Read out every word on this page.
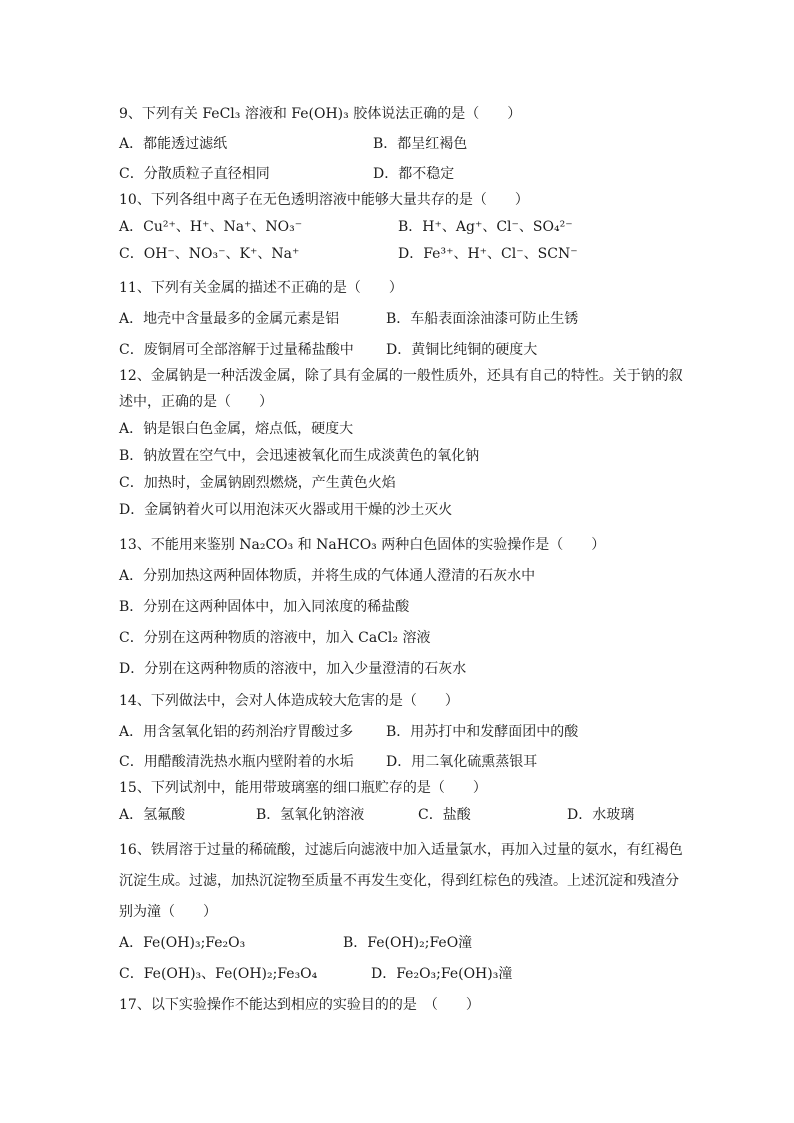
9、下列有关 FeCl₃ 溶液和 Fe(OH)₃ 胶体说法正确的是（　　）
A．都能透过滤纸	B．都呈红褐色
C．分散质粒子直径相同	D．都不稳定
10、下列各组中离子在无色透明溶液中能够大量共存的是（　　）
A．Cu²⁺、H⁺、Na⁺、NO₃⁻	B．H⁺、Ag⁺、Cl⁻、SO₄²⁻
C．OH⁻、NO₃⁻、K⁺、Na⁺	D．Fe³⁺、H⁺、Cl⁻、SCN⁻
11、下列有关金属的描述不正确的是（　　）
A．地壳中含量最多的金属元素是铝	B．车船表面涂油漆可防止生锈
C．废铜屑可全部溶解于过量稀盐酸中 D．黄铜比纯铜的硬度大
12、金属钠是一种活泼金属，除了具有金属的一般性质外，还具有自己的特性。关于钠的叙
述中，正确的是（　　）
A．钠是银白色金属，熔点低，硬度大
B．钠放置在空气中，会迅速被氧化而生成淡黄色的氧化钠
C．加热时，金属钠剧烈燃烧，产生黄色火焰
D．金属钠着火可以用泡沫灭火器或用干燥的沙土灭火
13、不能用来鉴别 Na₂CO₃ 和 NaHCO₃ 两种白色固体的实验操作是（　　）
A．分别加热这两种固体物质，并将生成的气体通人澄清的石灰水中
B．分别在这两种固体中，加入同浓度的稀盐酸
C．分别在这两种物质的溶液中，加入 CaCl₂ 溶液
D．分别在这两种物质的溶液中，加入少量澄清的石灰水
14、下列做法中，会对人体造成较大危害的是（　　）
A．用含氢氧化铝的药剂治疗胃酸过多 B．用苏打中和发酵面团中的酸
C．用醋酸清洗热水瓶内壁附着的水垢 D．用二氧化硫熏蒸银耳
15、下列试剂中，能用带玻璃塞的细口瓶贮存的是（　　）
A．氢氟酸	B．氢氧化钠溶液	C．盐酸	D．水玻璃
16、铁屑溶于过量的稀硫酸，过滤后向滤液中加入适量氯水，再加入过量的氨水，有红褐色
沉淀生成。过滤，加热沉淀物至质量不再发生变化，得到红棕色的残渣。上述沉淀和残渣分
别为潼（　　）
A．Fe(OH)₃;Fe₂O₃	B．Fe(OH)₂;FeO潼
C．Fe(OH)₃、Fe(OH)₂;Fe₃O₄	D．Fe₂O₃;Fe(OH)₃潼
17、以下实验操作不能达到相应的实验目的的是　（　　）
